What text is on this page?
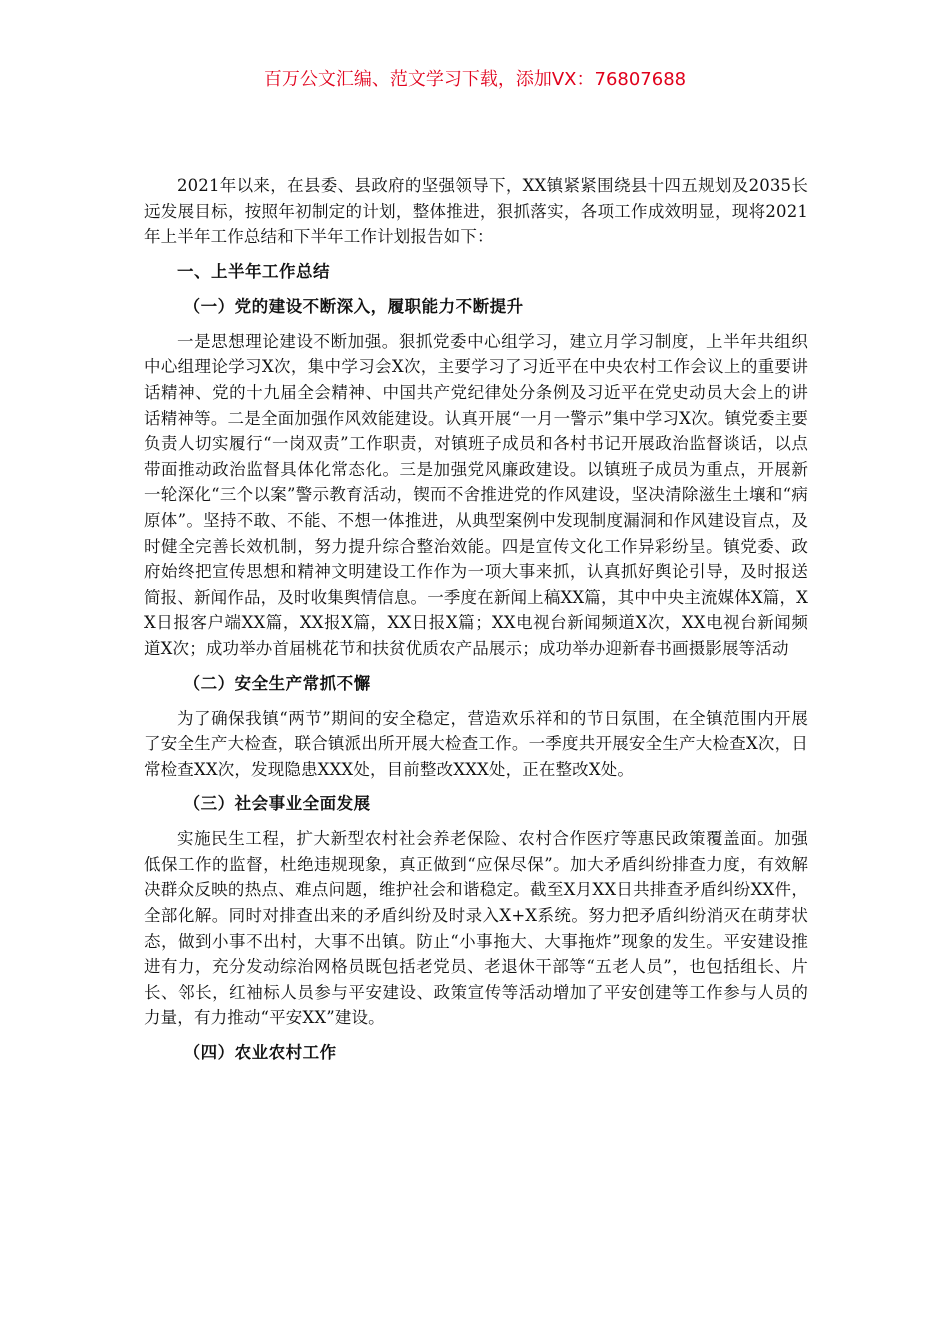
百万公文汇编、范文学习下载，添加VX：76807688

2021年以来，在县委、县政府的坚强领导下，XX镇紧紧围绕县十四五规划及2035长远发展目标，按照年初制定的计划，整体推进，狠抓落实，各项工作成效明显，现将2021年上半年工作总结和下半年工作计划报告如下：

一、上半年工作总结
（一）党的建设不断深入，履职能力不断提升

一是思想理论建设不断加强。狠抓党委中心组学习，建立月学习制度，上半年共组织中心组理论学习X次，集中学习会X次，主要学习了习近平在中央农村工作会议上的重要讲话精神、党的十九届全会精神、中国共产党纪律处分条例及习近平在党史动员大会上的讲话精神等。二是全面加强作风效能建设。认真开展“一月一警示”集中学习X次。镇党委主要负责人切实履行“一岗双责”工作职责，对镇班子成员和各村书记开展政治监督谈话，以点带面推动政治监督具体化常态化。三是加强党风廉政建设。以镇班子成员为重点，开展新一轮深化“三个以案”警示教育活动，锲而不舍推进党的作风建设，坚决清除滋生土壤和“病原体”。坚持不敢、不能、不想一体推进，从典型案例中发现制度漏洞和作风建设盲点，及时健全完善长效机制，努力提升综合整治效能。四是宣传文化工作异彩纷呈。镇党委、政府始终把宣传思想和精神文明建设工作作为一项大事来抓，认真抓好舆论引导，及时报送简报、新闻作品，及时收集舆情信息。一季度在新闻上稿XX篇，其中中央主流媒体X篇，XX日报客户端XX篇，XX报X篇，XX日报X篇；XX电视台新闻频道X次，XX电视台新闻频道X次；成功举办首届桃花节和扶贫优质农产品展示；成功举办迎新春书画摄影展等活动

（二）安全生产常抓不懈

为了确保我镇“两节”期间的安全稳定，营造欢乐祥和的节日氛围，在全镇范围内开展了安全生产大检查，联合镇派出所开展大检查工作。一季度共开展安全生产大检查X次，日常检查XX次，发现隐患XXX处，目前整改XXX处，正在整改X处。

（三）社会事业全面发展

实施民生工程，扩大新型农村社会养老保险、农村合作医疗等惠民政策覆盖面。加强低保工作的监督，杜绝违规现象，真正做到“应保尽保”。加大矛盾纠纷排查力度，有效解决群众反映的热点、难点问题，维护社会和谐稳定。截至X月XX日共排查矛盾纠纷XX件，全部化解。同时对排查出来的矛盾纠纷及时录入X+X系统。努力把矛盾纠纷消灭在萌芽状态，做到小事不出村，大事不出镇。防止“小事拖大、大事拖炸”现象的发生。平安建设推进有力，充分发动综治网格员既包括老党员、老退休干部等“五老人员”，也包括组长、片长、邻长，红袖标人员参与平安建设、政策宣传等活动增加了平安创建等工作参与人员的力量，有力推动“平安XX”建设。

（四）农业农村工作
